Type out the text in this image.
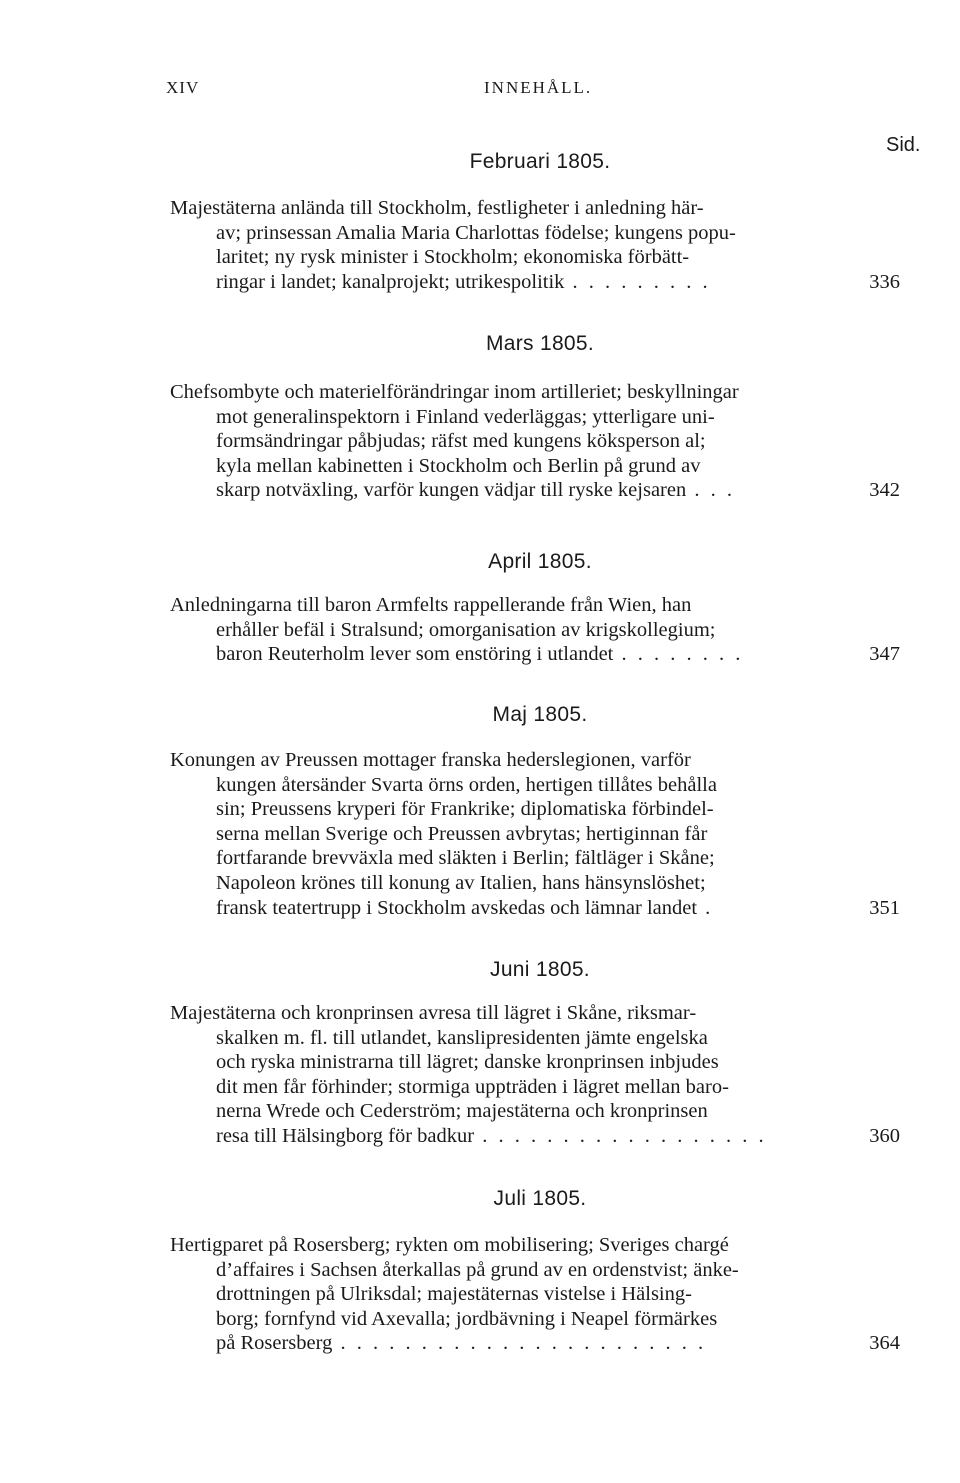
XIV	INNEHÅLL.
Sid.
Februari 1805.
Majestäterna anlända till Stockholm, festligheter i anledning här-
av; prinsessan Amalia Maria Charlottas födelse; kungens popu-
laritet; ny rysk minister i Stockholm; ekonomiska förbätt-
ringar i landet; kanalprojekt; utrikespolitik . . . . . . . . .	336
Mars 1805.
Chefsombyte och materielförändringar inom artilleriet; beskyllningar
mot generalinspektorn i Finland vederläggas; ytterligare uni-
formsändringar påbjudas; räfst med kungens köksperson al;
kyla mellan kabinetten i Stockholm och Berlin på grund av
skarp notväxling, varför kungen vädjar till ryske kejsaren . . .	342
April 1805.
Anledningarna till baron Armfelts rappellerande från Wien, han
erhåller befäl i Stralsund; omorganisation av krigskollegium;
baron Reuterholm lever som enstöring i utlandet . . . . . . . .	347
Maj 1805.
Konungen av Preussen mottager franska hederslegionen, varför
kungen återsänder Svarta örns orden, hertigen tillåtes behålla
sin; Preussens kryperi för Frankrike; diplomatiska förbindel-
serna mellan Sverige och Preussen avbrytas; hertiginnan får
fortfarande brevväxla med släkten i Berlin; fältläger i Skåne;
Napoleon krönes till konung av Italien, hans hänsynslöshet;
fransk teatertrupp i Stockholm avskedas och lämnar landet .	351
Juni 1805.
Majestäterna och kronprinsen avresa till lägret i Skåne, riksmar-
skalken m. fl. till utlandet, kanslipresidenten jämte engelska
och ryska ministrarna till lägret; danske kronprinsen inbjudes
dit men får förhinder; stormiga uppträden i lägret mellan baro-
nerna Wrede och Cederström; majestäterna och kronprinsen
resa till Hälsingborg för badkur . . . . . . . . . . . . . . . . . .	360
Juli 1805.
Hertigparet på Rosersberg; rykten om mobilisering; Sveriges chargé
d’affaires i Sachsen återkallas på grund av en ordenstvist; änke-
drottningen på Ulriksdal; majestäternas vistelse i Hälsing-
borg; fornfynd vid Axevalla; jordbävning i Neapel förmärkes
på Rosersberg . . . . . . . . . . . . . . . . . . . . . . .	364
